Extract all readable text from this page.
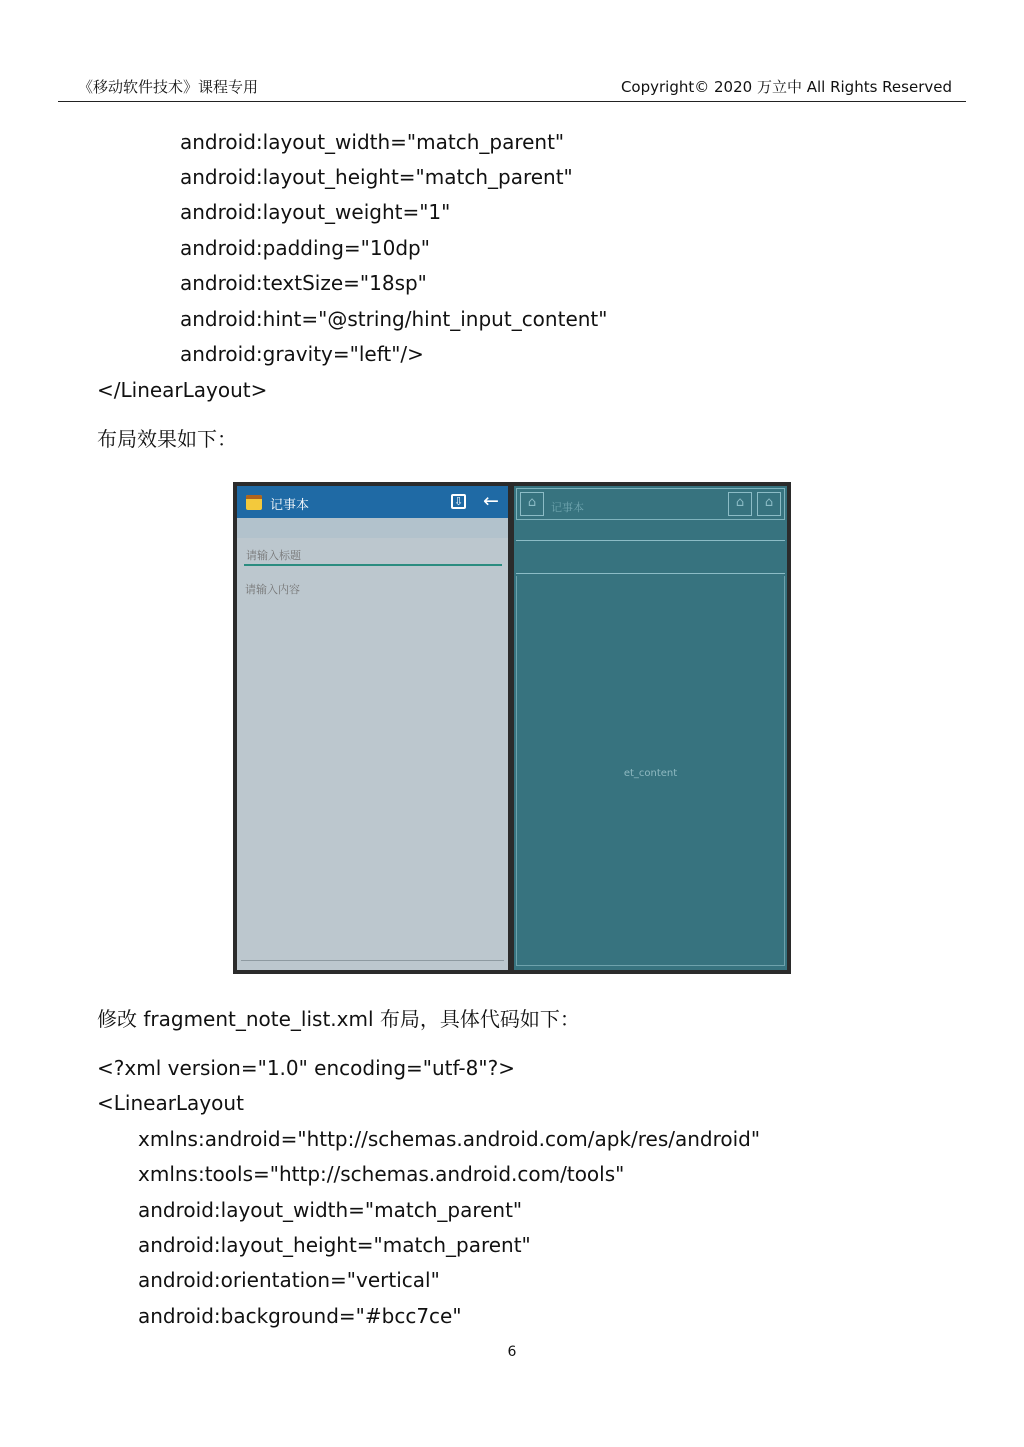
《移动软件技术》课程专用	Copyright© 2020 万立中 All Rights Reserved
android:layout_width="match_parent"
android:layout_height="match_parent"
android:layout_weight="1"
android:padding="10dp"
android:textSize="18sp"
android:hint="@string/hint_input_content"
android:gravity="left"/>
</LinearLayout>
布局效果如下：
记事本	⇩ ←
请输入标题
请输入内容	⌂	记事本	⌂	⌂
et_content
修改 fragment_note_list.xml 布局，具体代码如下：
<?xml version="1.0" encoding="utf-8"?>
<LinearLayout
xmlns:android="http://schemas.android.com/apk/res/android"
xmlns:tools="http://schemas.android.com/tools"
android:layout_width="match_parent"
android:layout_height="match_parent"
android:orientation="vertical"
android:background="#bcc7ce"
6
